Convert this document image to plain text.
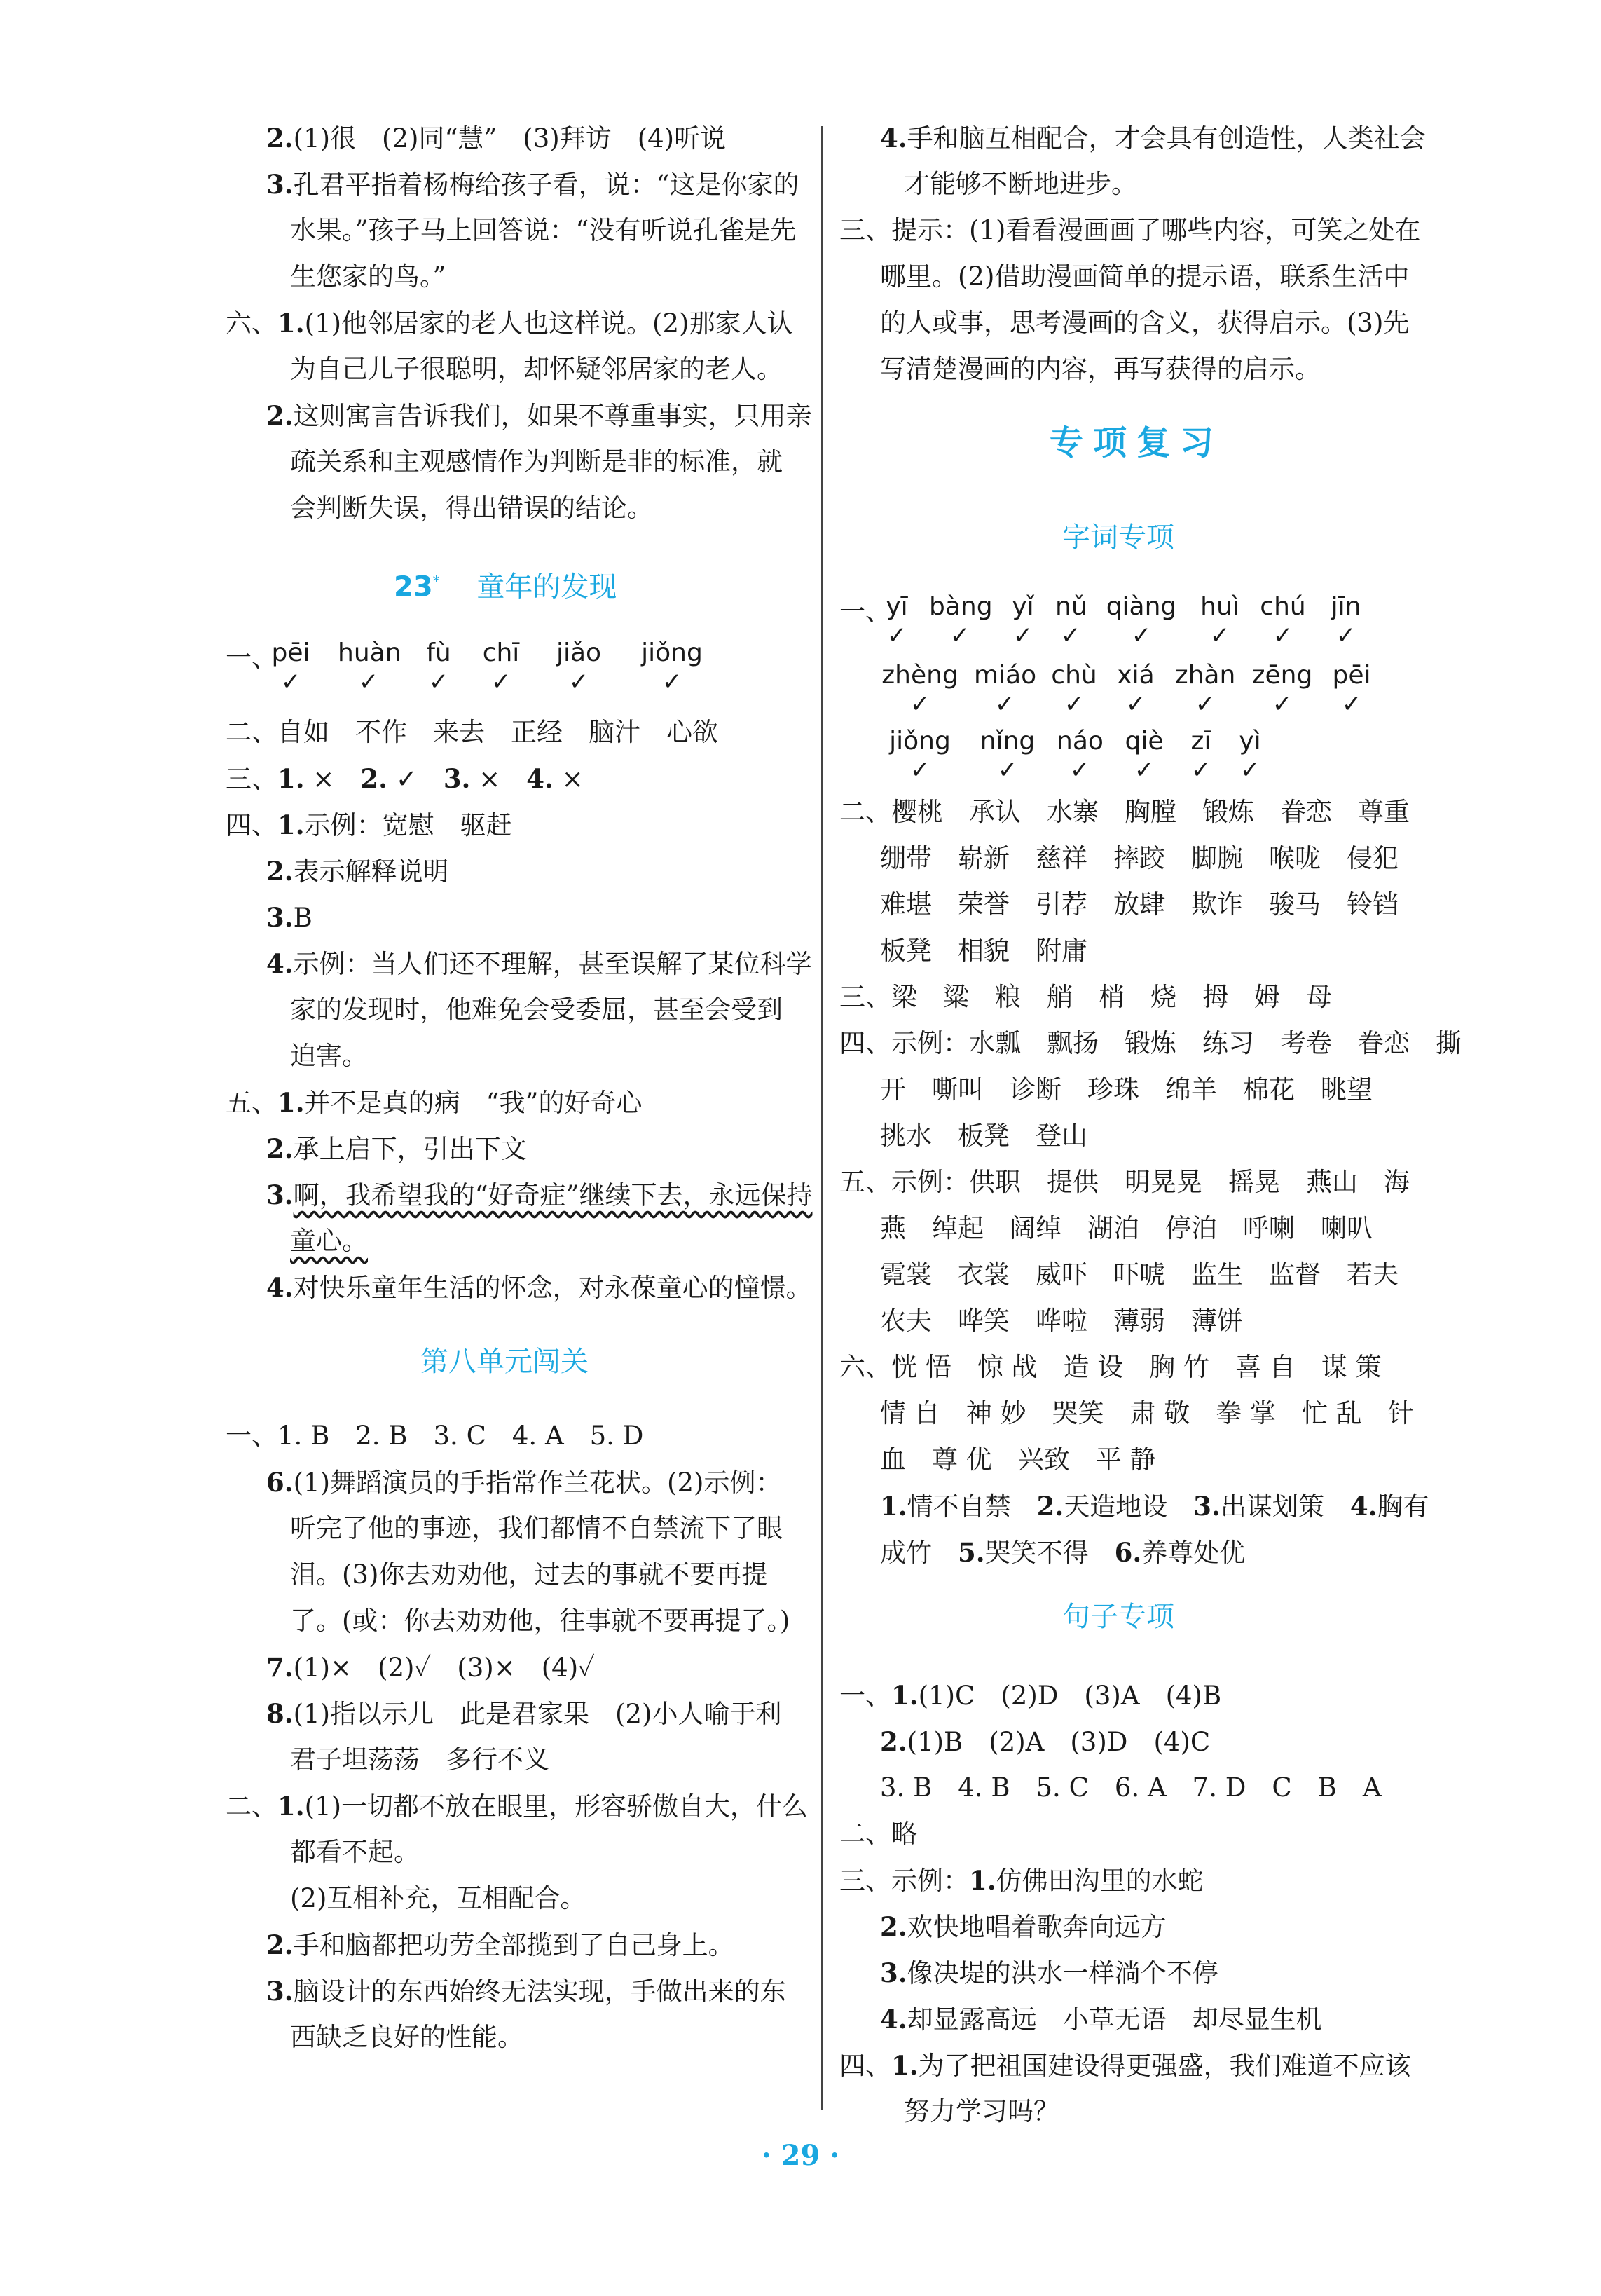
2.(1)很　(2)同“慧”　(3)拜访　(4)听说
3.孔君平指着杨梅给孩子看，说：“这是你家的
水果。”孩子马上回答说：“没有听说孔雀是先
生您家的鸟。”
六、1.(1)他邻居家的老人也这样说。(2)那家人认
为自己儿子很聪明，却怀疑邻居家的老人。
2.这则寓言告诉我们，如果不尊重事实，只用亲
疏关系和主观感情作为判断是非的标准，就
会判断失误，得出错误的结论。
23*　 童年的发现
一、
pēi
✓
huàn
✓
fù
✓
chī
✓
jiǎo
✓
jiǒng
✓
二、自如　不作　来去　正经　脑汁　心欲
三、1. ×　2. ✓　3. ×　4. ×　
四、1.示例：宽慰　驱赶
2.表示解释说明
3.B
4.示例：当人们还不理解，甚至误解了某位科学
家的发现时，他难免会受委屈，甚至会受到
迫害。
五、1.并不是真的病　“我”的好奇心
2.承上启下，引出下文
3.啊，我希望我的“好奇症”继续下去，永远保持
童心。
4.对快乐童年生活的怀念，对永葆童心的憧憬。
第八单元闯关
一、1. B　2. B　3. C　4. A　5. D
6.(1)舞蹈演员的手指常作兰花状。(2)示例：
听完了他的事迹，我们都情不自禁流下了眼
泪。(3)你去劝劝他，过去的事就不要再提
了。(或：你去劝劝他，往事就不要再提了。)
7.(1)×　(2)✓　(3)×　(4)✓
8.(1)指以示儿　此是君家果　(2)小人喻于利
君子坦荡荡　多行不义
二、1.(1)一切都不放在眼里，形容骄傲自大，什么
都看不起。
(2)互相补充，互相配合。
2.手和脑都把功劳全部揽到了自己身上。
3.脑设计的东西始终无法实现，手做出来的东
西缺乏良好的性能。
4.手和脑互相配合，才会具有创造性，人类社会
才能够不断地进步。
三、提示：(1)看看漫画画了哪些内容，可笑之处在
哪里。(2)借助漫画简单的提示语，联系生活中
的人或事，思考漫画的含义，获得启示。(3)先
写清楚漫画的内容，再写获得的启示。
专项复习
字词专项
一、
yī
✓
bàng
✓
yǐ
✓
nǔ
✓
qiàng
✓
huì
✓
chú
✓
jīn
✓
zhèng
✓
miáo
✓
chù
✓
xiá
✓
zhàn
✓
zēng
✓
pēi
✓
jiǒng
✓
nǐng
✓
náo
✓
qiè
✓
zī
✓
yì
✓
二、樱桃　承认　水寨　胸膛　锻炼　眷恋　尊重
绷带　崭新　慈祥　摔跤　脚腕　喉咙　侵犯
难堪　荣誉　引荐　放肆　欺诈　骏马　铃铛
板凳　相貌　附庸
三、梁　粱　粮　艄　梢　烧　拇　姆　母
四、示例：水瓢　飘扬　锻炼　练习　考卷　眷恋　撕
开　嘶叫　诊断　珍珠　绵羊　棉花　眺望
挑水　板凳　登山
五、示例：供职　提供　明晃晃　摇晃　燕山　海
燕　绰起　阔绰　湖泊　停泊　呼喇　喇叭
霓裳　衣裳　威吓　吓唬　监生　监督　若夫
农夫　哗笑　哗啦　薄弱　薄饼
六、恍 悟　惊 战　造 设　胸 竹　喜 自　谋 策
情 自　神 妙　哭笑　肃 敬　拳 掌　忙 乱　针
血　尊 优　兴致　平 静
1.情不自禁　 2.天造地设　 3.出谋划策　 4.胸有
成竹　 5.哭笑不得　 6.养尊处优
句子专项
一、1.(1)C　(2)D　(3)A　(4)B
2.(1)B　(2)A　(3)D　(4)C
3. B　4. B　5. C　6. A　7. D　C　B　A
二、略
三、示例：1.仿佛田沟里的水蛇
2.欢快地唱着歌奔向远方
3.像决堤的洪水一样淌个不停
4.却显露高远　小草无语　却尽显生机
四、1.为了把祖国建设得更强盛，我们难道不应该
努力学习吗？
· 29 ·
